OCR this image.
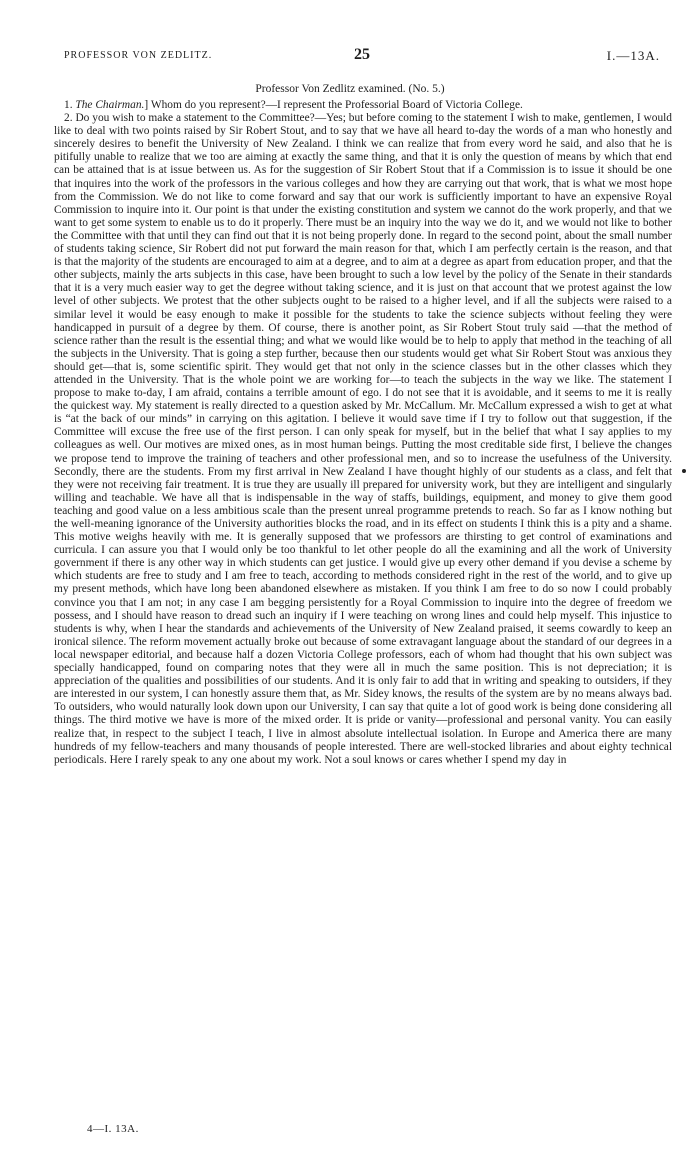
PROFESSOR VON ZEDLITZ.	25	I.—13A.
Professor Von Zedlitz examined. (No. 5.)

1. The Chairman.] Whom do you represent?—I represent the Professorial Board of Victoria College.

2. Do you wish to make a statement to the Committee?—Yes; but before coming to the statement I wish to make, gentlemen, I would like to deal with two points raised by Sir Robert Stout, and to say that we have all heard to-day the words of a man who honestly and sincerely desires to benefit the University of New Zealand. I think we can realize that from every word he said, and also that he is pitifully unable to realize that we too are aiming at exactly the same thing, and that it is only the question of means by which that end can be attained that is at issue between us. As for the suggestion of Sir Robert Stout that if a Commission is to issue it should be one that inquires into the work of the professors in the various colleges and how they are carrying out that work, that is what we most hope from the Commission. We do not like to come forward and say that our work is sufficiently important to have an expensive Royal Commission to inquire into it. Our point is that under the existing constitution and system we cannot do the work properly, and that we want to get some system to enable us to do it properly. There must be an inquiry into the way we do it, and we would not like to bother the Committee with that until they can find out that it is not being properly done. In regard to the second point, about the small number of students taking science, Sir Robert did not put forward the main reason for that, which I am perfectly certain is the reason, and that is that the majority of the students are encouraged to aim at a degree, and to aim at a degree as apart from education proper, and that the other subjects, mainly the arts subjects in this case, have been brought to such a low level by the policy of the Senate in their standards that it is a very much easier way to get the degree without taking science, and it is just on that account that we protest against the low level of other subjects. We protest that the other subjects ought to be raised to a higher level, and if all the subjects were raised to a similar level it would be easy enough to make it possible for the students to take the science subjects without feeling they were handicapped in pursuit of a degree by them. Of course, there is another point, as Sir Robert Stout truly said —that the method of science rather than the result is the essential thing; and what we would like would be to help to apply that method in the teaching of all the subjects in the University. That is going a step further, because then our students would get what Sir Robert Stout was anxious they should get—that is, some scientific spirit. They would get that not only in the science classes but in the other classes which they attended in the University. That is the whole point we are working for—to teach the subjects in the way we like. The statement I propose to make to-day, I am afraid, contains a terrible amount of ego. I do not see that it is avoidable, and it seems to me it is really the quickest way. My statement is really directed to a question asked by Mr. McCallum. Mr. McCallum expressed a wish to get at what is “at the back of our minds” in carrying on this agitation. I believe it would save time if I try to follow out that suggestion, if the Committee will excuse the free use of the first person. I can only speak for myself, but in the belief that what I say applies to my colleagues as well. Our motives are mixed ones, as in most human beings. Putting the most creditable side first, I believe the changes we propose tend to improve the training of teachers and other professional men, and so to increase the usefulness of the University. Secondly, there are the students. From my first arrival in New Zealand I have thought highly of our students as a class, and felt that they were not receiving fair treatment. It is true they are usually ill prepared for university work, but they are intelligent and singularly willing and teachable. We have all that is indispensable in the way of staffs, buildings, equipment, and money to give them good teaching and good value on a less ambitious scale than the present unreal programme pretends to reach. So far as I know nothing but the well-meaning ignorance of the University authorities blocks the road, and in its effect on students I think this is a pity and a shame. This motive weighs heavily with me. It is generally supposed that we professors are thirsting to get control of examinations and curricula. I can assure you that I would only be too thankful to let other people do all the examining and all the work of University government if there is any other way in which students can get justice. I would give up every other demand if you devise a scheme by which students are free to study and I am free to teach, according to methods considered right in the rest of the world, and to give up my present methods, which have long been abandoned elsewhere as mistaken. If you think I am free to do so now I could probably convince you that I am not; in any case I am begging persistently for a Royal Commission to inquire into the degree of freedom we possess, and I should have reason to dread such an inquiry if I were teaching on wrong lines and could help myself. This injustice to students is why, when I hear the standards and achievements of the University of New Zealand praised, it seems cowardly to keep an ironical silence. The reform movement actually broke out because of some extravagant language about the standard of our degrees in a local newspaper editorial, and because half a dozen Victoria College professors, each of whom had thought that his own subject was specially handicapped, found on comparing notes that they were all in much the same position. This is not depreciation; it is appreciation of the qualities and possibilities of our students. And it is only fair to add that in writing and speaking to outsiders, if they are interested in our system, I can honestly assure them that, as Mr. Sidey knows, the results of the system are by no means always bad. To outsiders, who would naturally look down upon our University, I can say that quite a lot of good work is being done considering all things. The third motive we have is more of the mixed order. It is pride or vanity—professional and personal vanity. You can easily realize that, in respect to the subject I teach, I live in almost absolute intellectual isolation. In Europe and America there are many hundreds of my fellow-teachers and many thousands of people interested. There are well-stocked libraries and about eighty technical periodicals. Here I rarely speak to any one about my work. Not a soul knows or cares whether I spend my day in

4—I. 13A.
